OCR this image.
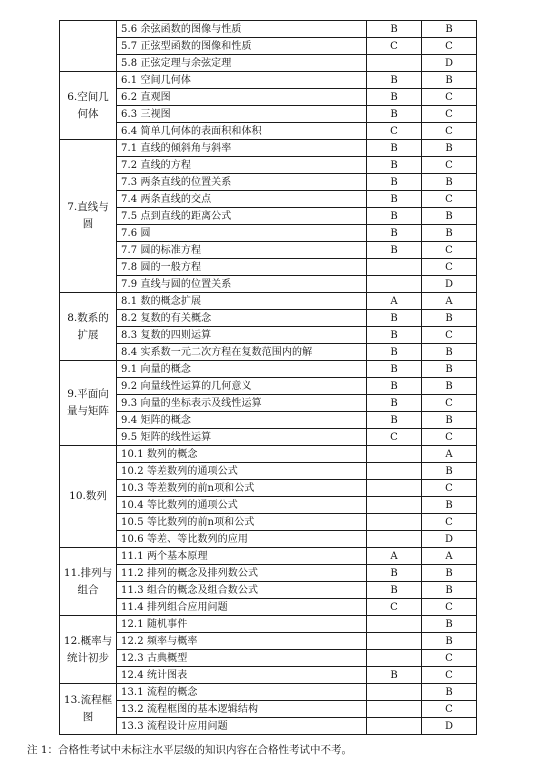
	5.6 余弦函数的图像与性质	B	B
	5.7 正弦型函数的图像和性质	C	C
	5.8 正弦定理与余弦定理		D
6.空间几何体	6.1 空间几何体	B	B
	6.2 直观图	B	C
	6.3 三视图	B	C
	6.4 简单几何体的表面积和体积	C	C
7.直线与圆	7.1 直线的倾斜角与斜率	B	B
	7.2 直线的方程	B	C
	7.3 两条直线的位置关系	B	B
	7.4 两条直线的交点	B	C
	7.5 点到直线的距离公式	B	B
	7.6 圆	B	B
	7.7 圆的标准方程	B	C
	7.8 圆的一般方程		C
	7.9 直线与圆的位置关系		D
8.数系的扩展	8.1 数的概念扩展	A	A
	8.2 复数的有关概念	B	B
	8.3 复数的四则运算	B	C
	8.4 实系数一元二次方程在复数范围内的解	B	B
9.平面向量与矩阵	9.1 向量的概念	B	B
	9.2 向量线性运算的几何意义	B	B
	9.3 向量的坐标表示及线性运算	B	C
	9.4 矩阵的概念	B	B
	9.5 矩阵的线性运算	C	C
10.数列	10.1 数列的概念		A
	10.2 等差数列的通项公式		B
	10.3 等差数列的前n项和公式		C
	10.4 等比数列的通项公式		B
	10.5 等比数列的前n项和公式		C
	10.6 等差、等比数列的应用		D
11.排列与组合	11.1 两个基本原理	A	A
	11.2 排列的概念及排列数公式	B	B
	11.3 组合的概念及组合数公式	B	B
	11.4 排列组合应用问题	C	C
12.概率与统计初步	12.1 随机事件		B
	12.2 频率与概率		B
	12.3 古典概型		C
	12.4 统计图表	B	C
13.流程框图	13.1 流程的概念		B
	13.2 流程框图的基本逻辑结构		C
	13.3 流程设计应用问题		D
注 1：合格性考试中未标注水平层级的知识内容在合格性考试中不考。
